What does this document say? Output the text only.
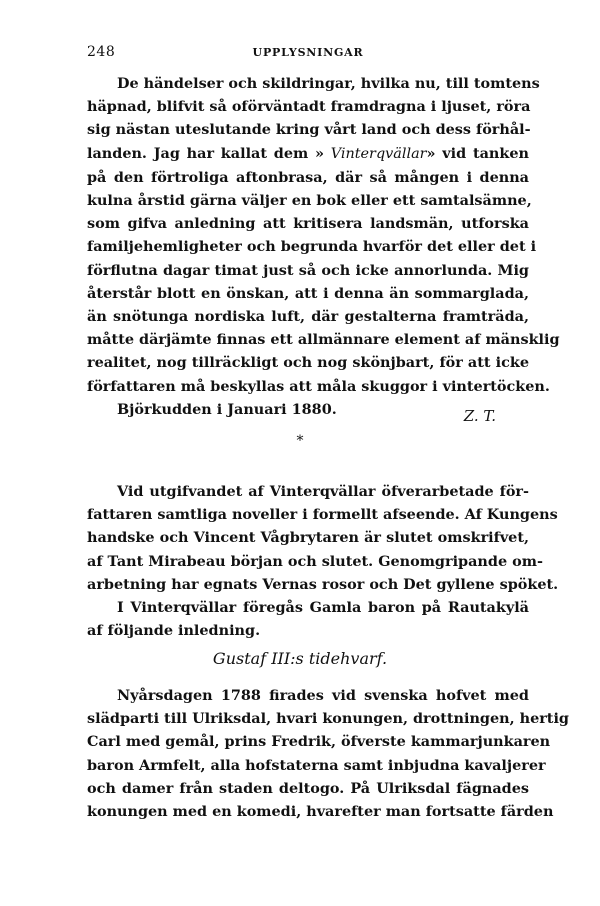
248	UPPLYSNINGAR
De händelser och skildringar, hvilka nu, till tomtens
häpnad, blifvit så oförväntadt framdragna i ljuset, röra
sig nästan uteslutande kring vårt land och dess förhål-
landen. Jag har kallat dem » Vinterqvällar» vid tanken
på den förtroliga aftonbrasa, där så mången i denna
kulna årstid gärna väljer en bok eller ett samtalsämne,
som gifva anledning att kritisera landsmän, utforska
familjehemligheter och begrunda hvarför det eller det i
förflutna dagar timat just så och icke annorlunda. Mig
återstår blott en önskan, att i denna än sommarglada,
än snötunga nordiska luft, där gestalterna framträda,
måtte därjämte finnas ett allmännare element af mänsklig
realitet, nog tillräckligt och nog skönjbart, för att icke
författaren må beskyllas att måla skuggor i vintertöcken.
Björkudden i Januari 1880.	Z. T.
*
Vid utgifvandet af Vinterqvällar öfverarbetade för-
fattaren samtliga noveller i formellt afseende. Af Kungens
handske och Vincent Vågbrytaren är slutet omskrifvet,
af Tant Mirabeau början och slutet. Genomgripande om-
arbetning har egnats Vernas rosor och Det gyllene spöket.
I Vinterqvällar föregås Gamla baron på Rautakylä
af följande inledning.
Gustaf III:s tidehvarf.
Nyårsdagen 1788 firades vid svenska hofvet med
slädparti till Ulriksdal, hvari konungen, drottningen, hertig
Carl med gemål, prins Fredrik, öfverste kammarjunkaren
baron Armfelt, alla hofstaterna samt inbjudna kavaljerer
och damer från staden deltogo. På Ulriksdal fägnades
konungen med en komedi, hvarefter man fortsatte färden
